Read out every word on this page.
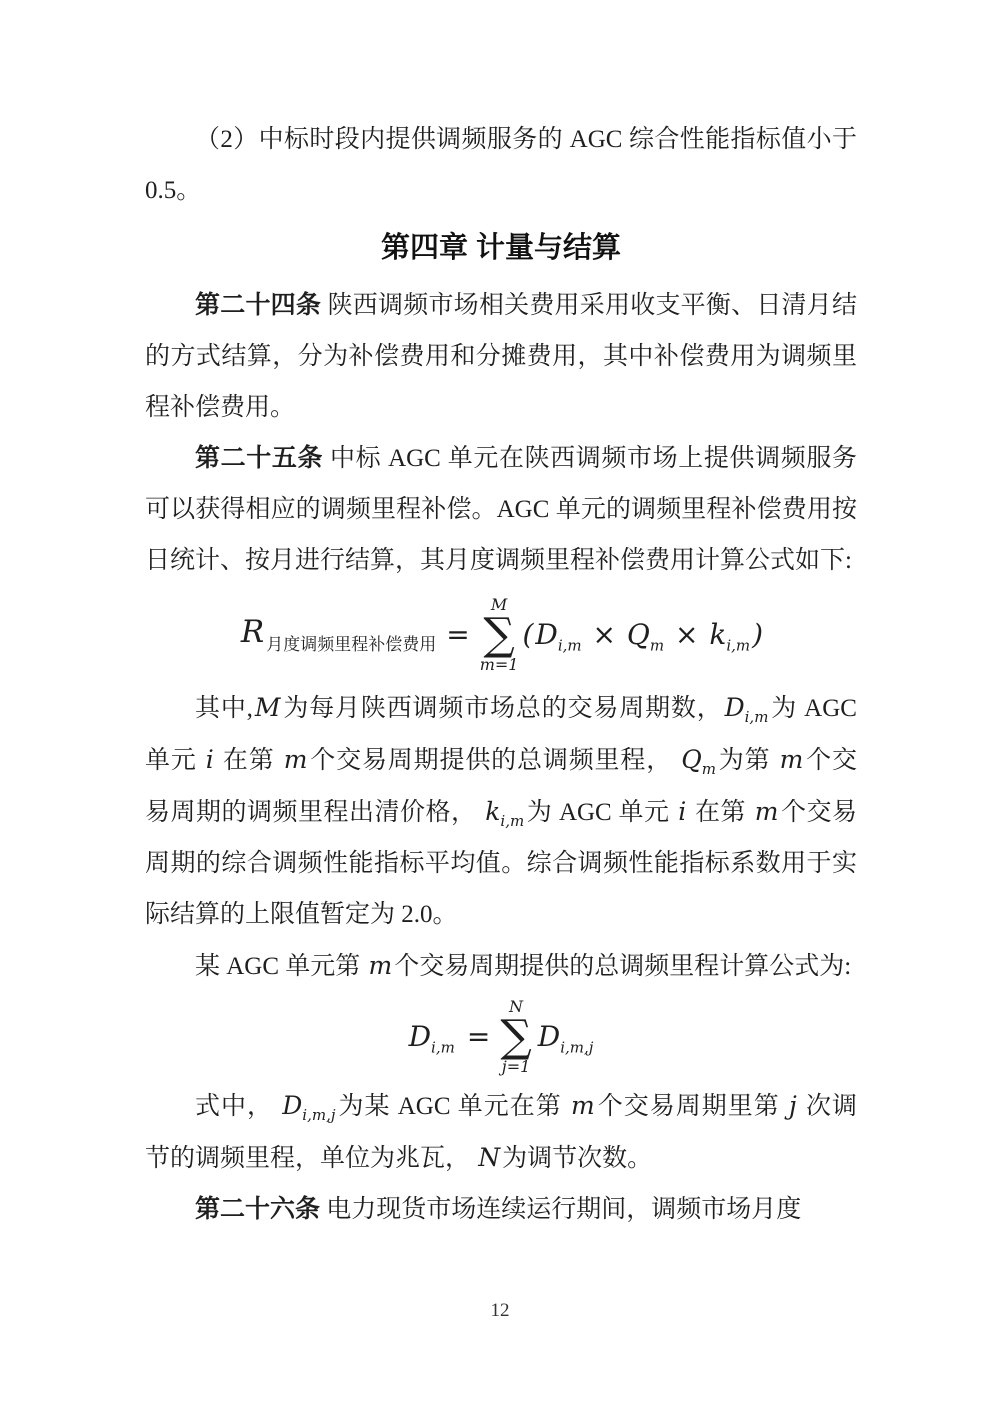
（2）中标时段内提供调频服务的 AGC 综合性能指标值小于 0.5。

第四章 计量与结算

第二十四条 陕西调频市场相关费用采用收支平衡、日清月结的方式结算，分为补偿费用和分摊费用，其中补偿费用为调频里程补偿费用。

第二十五条 中标 AGC 单元在陕西调频市场上提供调频服务可以获得相应的调频里程补偿。AGC 单元的调频里程补偿费用按日统计、按月进行结算，其月度调频里程补偿费用计算公式如下:

R $_{月度调频里程补偿费用}$ =
M
∑
m=1
$(D_{i,m} \times Q_m \times k_{i,m})$

其中,M为每月陕西调频市场总的交易周期数，$D_{i,m}$为 AGC 单元 i 在第 m个交易周期提供的总调频里程， $Q_m$为第 m个交易周期的调频里程出清价格， $k_{i,m}$为 AGC 单元 i 在第 m个交易周期的综合调频性能指标平均值。综合调频性能指标系数用于实际结算的上限值暂定为 2.0。

某 AGC 单元第 m个交易周期提供的总调频里程计算公式为:

$D_{i,m}$ =
N
∑
j=1
$D_{i,m,j}$

式中， $D_{i,m,j}$为某 AGC 单元在第 m个交易周期里第 j 次调节的调频里程，单位为兆瓦， N为调节次数。

第二十六条 电力现货市场连续运行期间，调频市场月度

12
